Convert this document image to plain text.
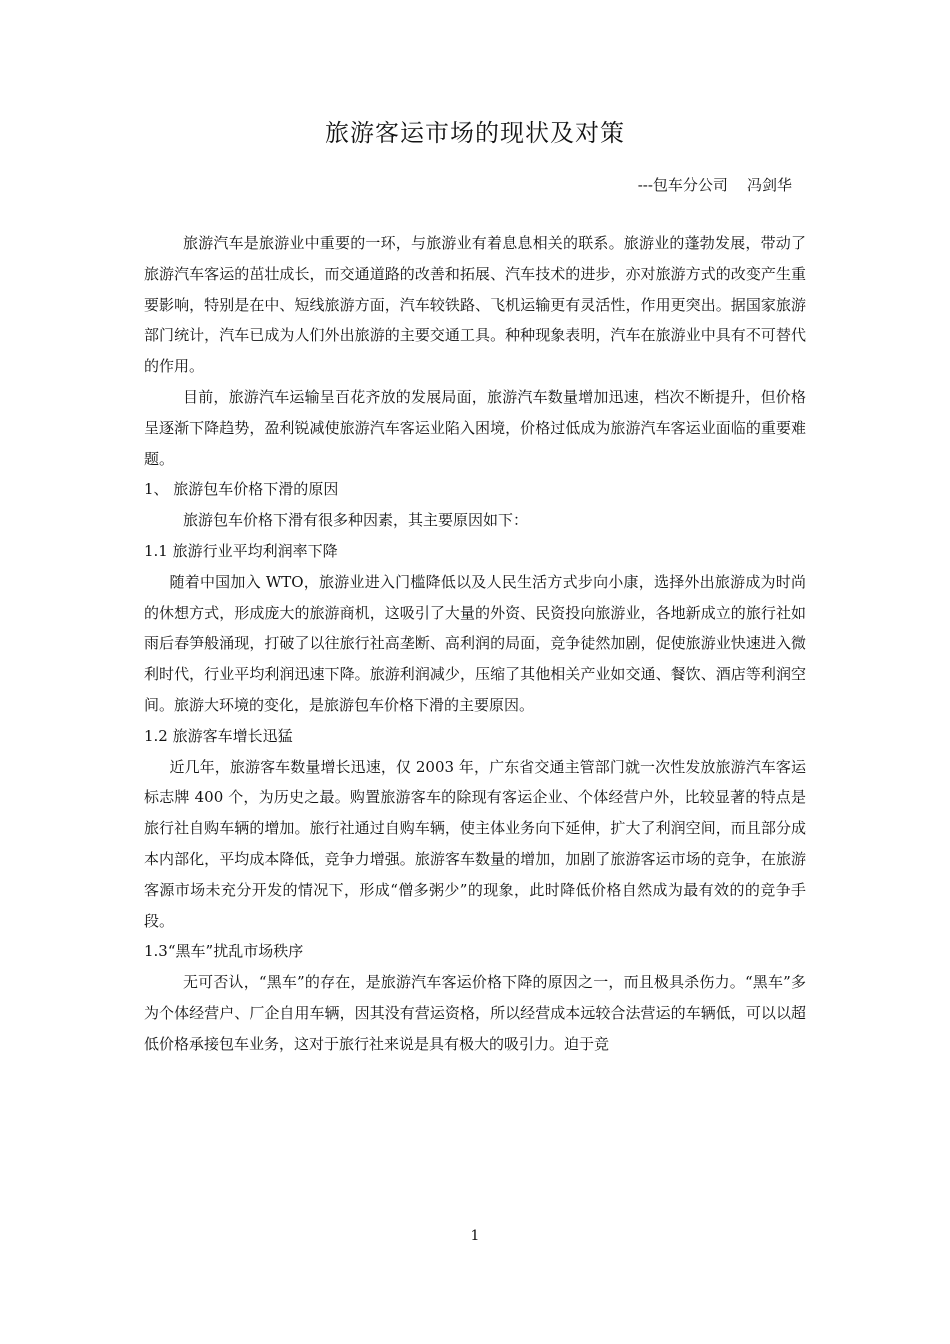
旅游客运市场的现状及对策
---包车分公司    冯剑华

旅游汽车是旅游业中重要的一环，与旅游业有着息息相关的联系。旅游业的蓬勃发展，带动了旅游汽车客运的茁壮成长，而交通道路的改善和拓展、汽车技术的进步，亦对旅游方式的改变产生重要影响，特别是在中、短线旅游方面，汽车较铁路、飞机运输更有灵活性，作用更突出。据国家旅游部门统计，汽车已成为人们外出旅游的主要交通工具。种种现象表明，汽车在旅游业中具有不可替代的作用。

目前，旅游汽车运输呈百花齐放的发展局面，旅游汽车数量增加迅速，档次不断提升，但价格呈逐渐下降趋势，盈利锐减使旅游汽车客运业陷入困境，价格过低成为旅游汽车客运业面临的重要难题。

1、 旅游包车价格下滑的原因

旅游包车价格下滑有很多种因素，其主要原因如下：

1.1 旅游行业平均利润率下降

随着中国加入 WTO，旅游业进入门槛降低以及人民生活方式步向小康，选择外出旅游成为时尚的休想方式，形成庞大的旅游商机，这吸引了大量的外资、民资投向旅游业，各地新成立的旅行社如雨后春笋般涌现，打破了以往旅行社高垄断、高利润的局面，竞争徒然加剧，促使旅游业快速进入微利时代，行业平均利润迅速下降。旅游利润减少，压缩了其他相关产业如交通、餐饮、酒店等利润空间。旅游大环境的变化，是旅游包车价格下滑的主要原因。

1.2 旅游客车增长迅猛

近几年，旅游客车数量增长迅速，仅 2003 年，广东省交通主管部门就一次性发放旅游汽车客运标志牌 400 个，为历史之最。购置旅游客车的除现有客运企业、个体经营户外，比较显著的特点是旅行社自购车辆的增加。旅行社通过自购车辆，使主体业务向下延伸，扩大了利润空间，而且部分成本内部化，平均成本降低，竞争力增强。旅游客车数量的增加，加剧了旅游客运市场的竞争，在旅游客源市场未充分开发的情况下，形成“僧多粥少”的现象，此时降低价格自然成为最有效的的竞争手段。

1.3“黑车”扰乱市场秩序

无可否认，“黑车”的存在，是旅游汽车客运价格下降的原因之一，而且极具杀伤力。“黑车”多为个体经营户、厂企自用车辆，因其没有营运资格，所以经营成本远较合法营运的车辆低，可以以超低价格承接包车业务，这对于旅行社来说是具有极大的吸引力。迫于竞

1
